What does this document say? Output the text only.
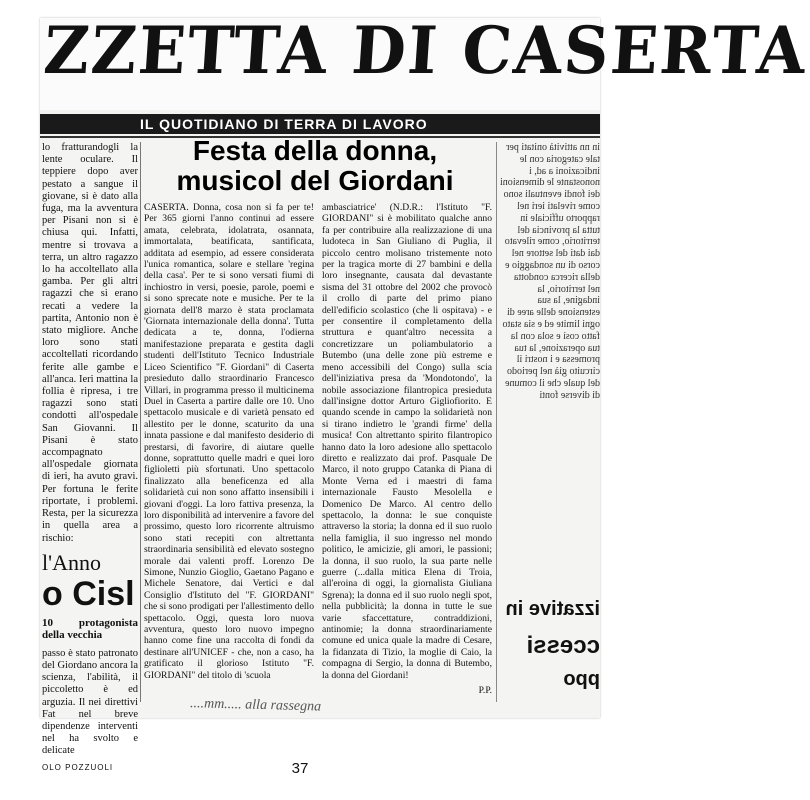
ZZETTA DI CASERTA
IL QUOTIDIANO DI TERRA DI LAVORO

lo fratturandogli la lente oculare. Il teppiere dopo aver pestato a sangue il giovane, si è dato alla fuga, ma la avventura per Pisani non si è chiusa qui. Infatti, mentre si trovava a terra, un altro ragazzo lo ha accoltellato alla gamba. Per gli altri ragazzi che si erano recati a vedere la partita, Antonio non è stato migliore. Anche loro sono stati accoltellati ricordando ferite alle gambe e all'anca. Ieri mattina la follia è ripresa, i tre ragazzi sono stati condotti all'ospedale San Giovanni. Il Pisani è stato accompagnato all'ospedale giornata di ieri, ha avuto gravi. Per fortuna le ferite riportate, i problemi. Resta, per la sicurezza in quella area a rischio:

l'Anno
o Cisl
10 protagonista della vecchia

passo è stato patronato del Giordano ancora la scienza, l'abilità, il piccoletto è ed arguzia. Il nei direttivi Fat nel breve dipendenze interventi nel ha svolto e delicate

OLO POZZUOLI
Festa della donna, musicol del Giordani

CASERTA. Donna, cosa non si fa per te! Per 365 giorni l'anno continui ad essere amata, celebrata, idolatrata, osannata, immortalata, beatificata, santificata, additata ad esempio, ad essere considerata l'unica romantica, solare e stellare 'regina della casa'. Per te si sono versati fiumi di inchiostro in versi, poesie, parole, poemi e si sono sprecate note e musiche. Per te la giornata dell'8 marzo è stata proclamata 'Giornata internazionale della donna'. Tutta dedicata a te, donna, l'odierna manifestazione preparata e gestita dagli studenti dell'Istituto Tecnico Industriale Liceo Scientifico "F. Giordani" di Caserta presieduto dallo straordinario Francesco Villari, in programma presso il multicinema Duel in Caserta a partire dalle ore 10. Uno spettacolo musicale e di varietà pensato ed allestito per le donne, scaturito da una innata passione e dal manifesto desiderio di prestarsi, di favorire, di aiutare quelle donne, soprattutto quelle madri e quei loro figlioletti più sfortunati. Uno spettacolo finalizzato alla beneficenza ed alla solidarietà cui non sono affatto insensibili i giovani d'oggi. La loro fattiva presenza, la loro disponibilità ad intervenire a favore del prossimo, questo loro ricorrente altruismo sono stati recepiti con altrettanta straordinaria sensibilità ed elevato sostegno morale dai valenti proff. Lorenzo De Simone, Nunzio Gioglio, Gaetano Pagano e Michele Senatore, dai Vertici e dal Consiglio d'Istituto del "F. GIORDANI" che si sono prodigati per l'allestimento dello spettacolo. Oggi, questa loro nuova avventura, questo loro nuovo impegno hanno come fine una raccolta di fondi da destinare all'UNICEF - che, non a caso, ha gratificato il glorioso Istituto "F. GIORDANI" del titolo di 'scuola

ambasciatrice' (N.D.R.: l'Istituto "F. GIORDANI" si è mobilitato qualche anno fa per contribuire alla realizzazione di una ludoteca in San Giuliano di Puglia, il piccolo centro molisano tristemente noto per la tragica morte di 27 bambini e della loro insegnante, causata dal devastante sisma del 31 ottobre del 2002 che provocò il crollo di parte del primo piano dell'edificio scolastico (che li ospitava) - e per consentire il completamento della struttura e quant'altro necessita a concretizzare un poliambulatorio a Butembo (una delle zone più estreme e meno accessibili del Congo) sulla scia dell'iniziativa presa da 'Mondotondo', la nobile associazione filantropica presieduta dall'insigne dottor Arturo Gigliofiorito. E quando scende in campo la solidarietà non si tirano indietro le 'grandi firme' della musica! Con altrettanto spirito filantropico hanno dato la loro adesione allo spettacolo diretto e realizzato dai prof. Pasquale De Marco, il noto gruppo Catanka di Piana di Monte Verna ed i maestri di fama internazionale Fausto Mesolella e Domenico De Marco. Al centro dello spettacolo, la donna: le sue conquiste attraverso la storia; la donna ed il suo ruolo nella famiglia, il suo ingresso nel mondo politico, le amicizie, gli amori, le passioni; la donna, il suo ruolo, la sua parte nelle guerre (...dalla mitica Elena di Troia, all'eroina di oggi, la giornalista Giuliana Sgrena); la donna ed il suo ruolo negli spot, nella pubblicità; la donna in tutte le sue varie sfaccettature, contraddizioni, antinomie; la donna straordinariamente comune ed unica quale la madre di Cesare, la fidanzata di Tizio, la moglie di Caio, la compagna di Sergio, la donna di Butembo, la donna del Giordani!

P.P.

in nn attività onitati per tale categoria con le indicazioni a ad, i nonostante le dimensioni dei fondi eventuali sono come rivelati ieri nel rapporto ufficiale in tutta la provincia del territorio, come rilevato dai dati del settore nel corso di un sondaggio e della ricerca condotta nel territorio, la indagine, la sua estensione delle aree di ogni limite ed e sia stato fatto così e sola con la tua operazione, la tua promessa e i nostri il circuito già nel periodo del quale che il comune di diverse fonti

izzative in
ccessi
ppo
....mm..... alla rassegna
37
